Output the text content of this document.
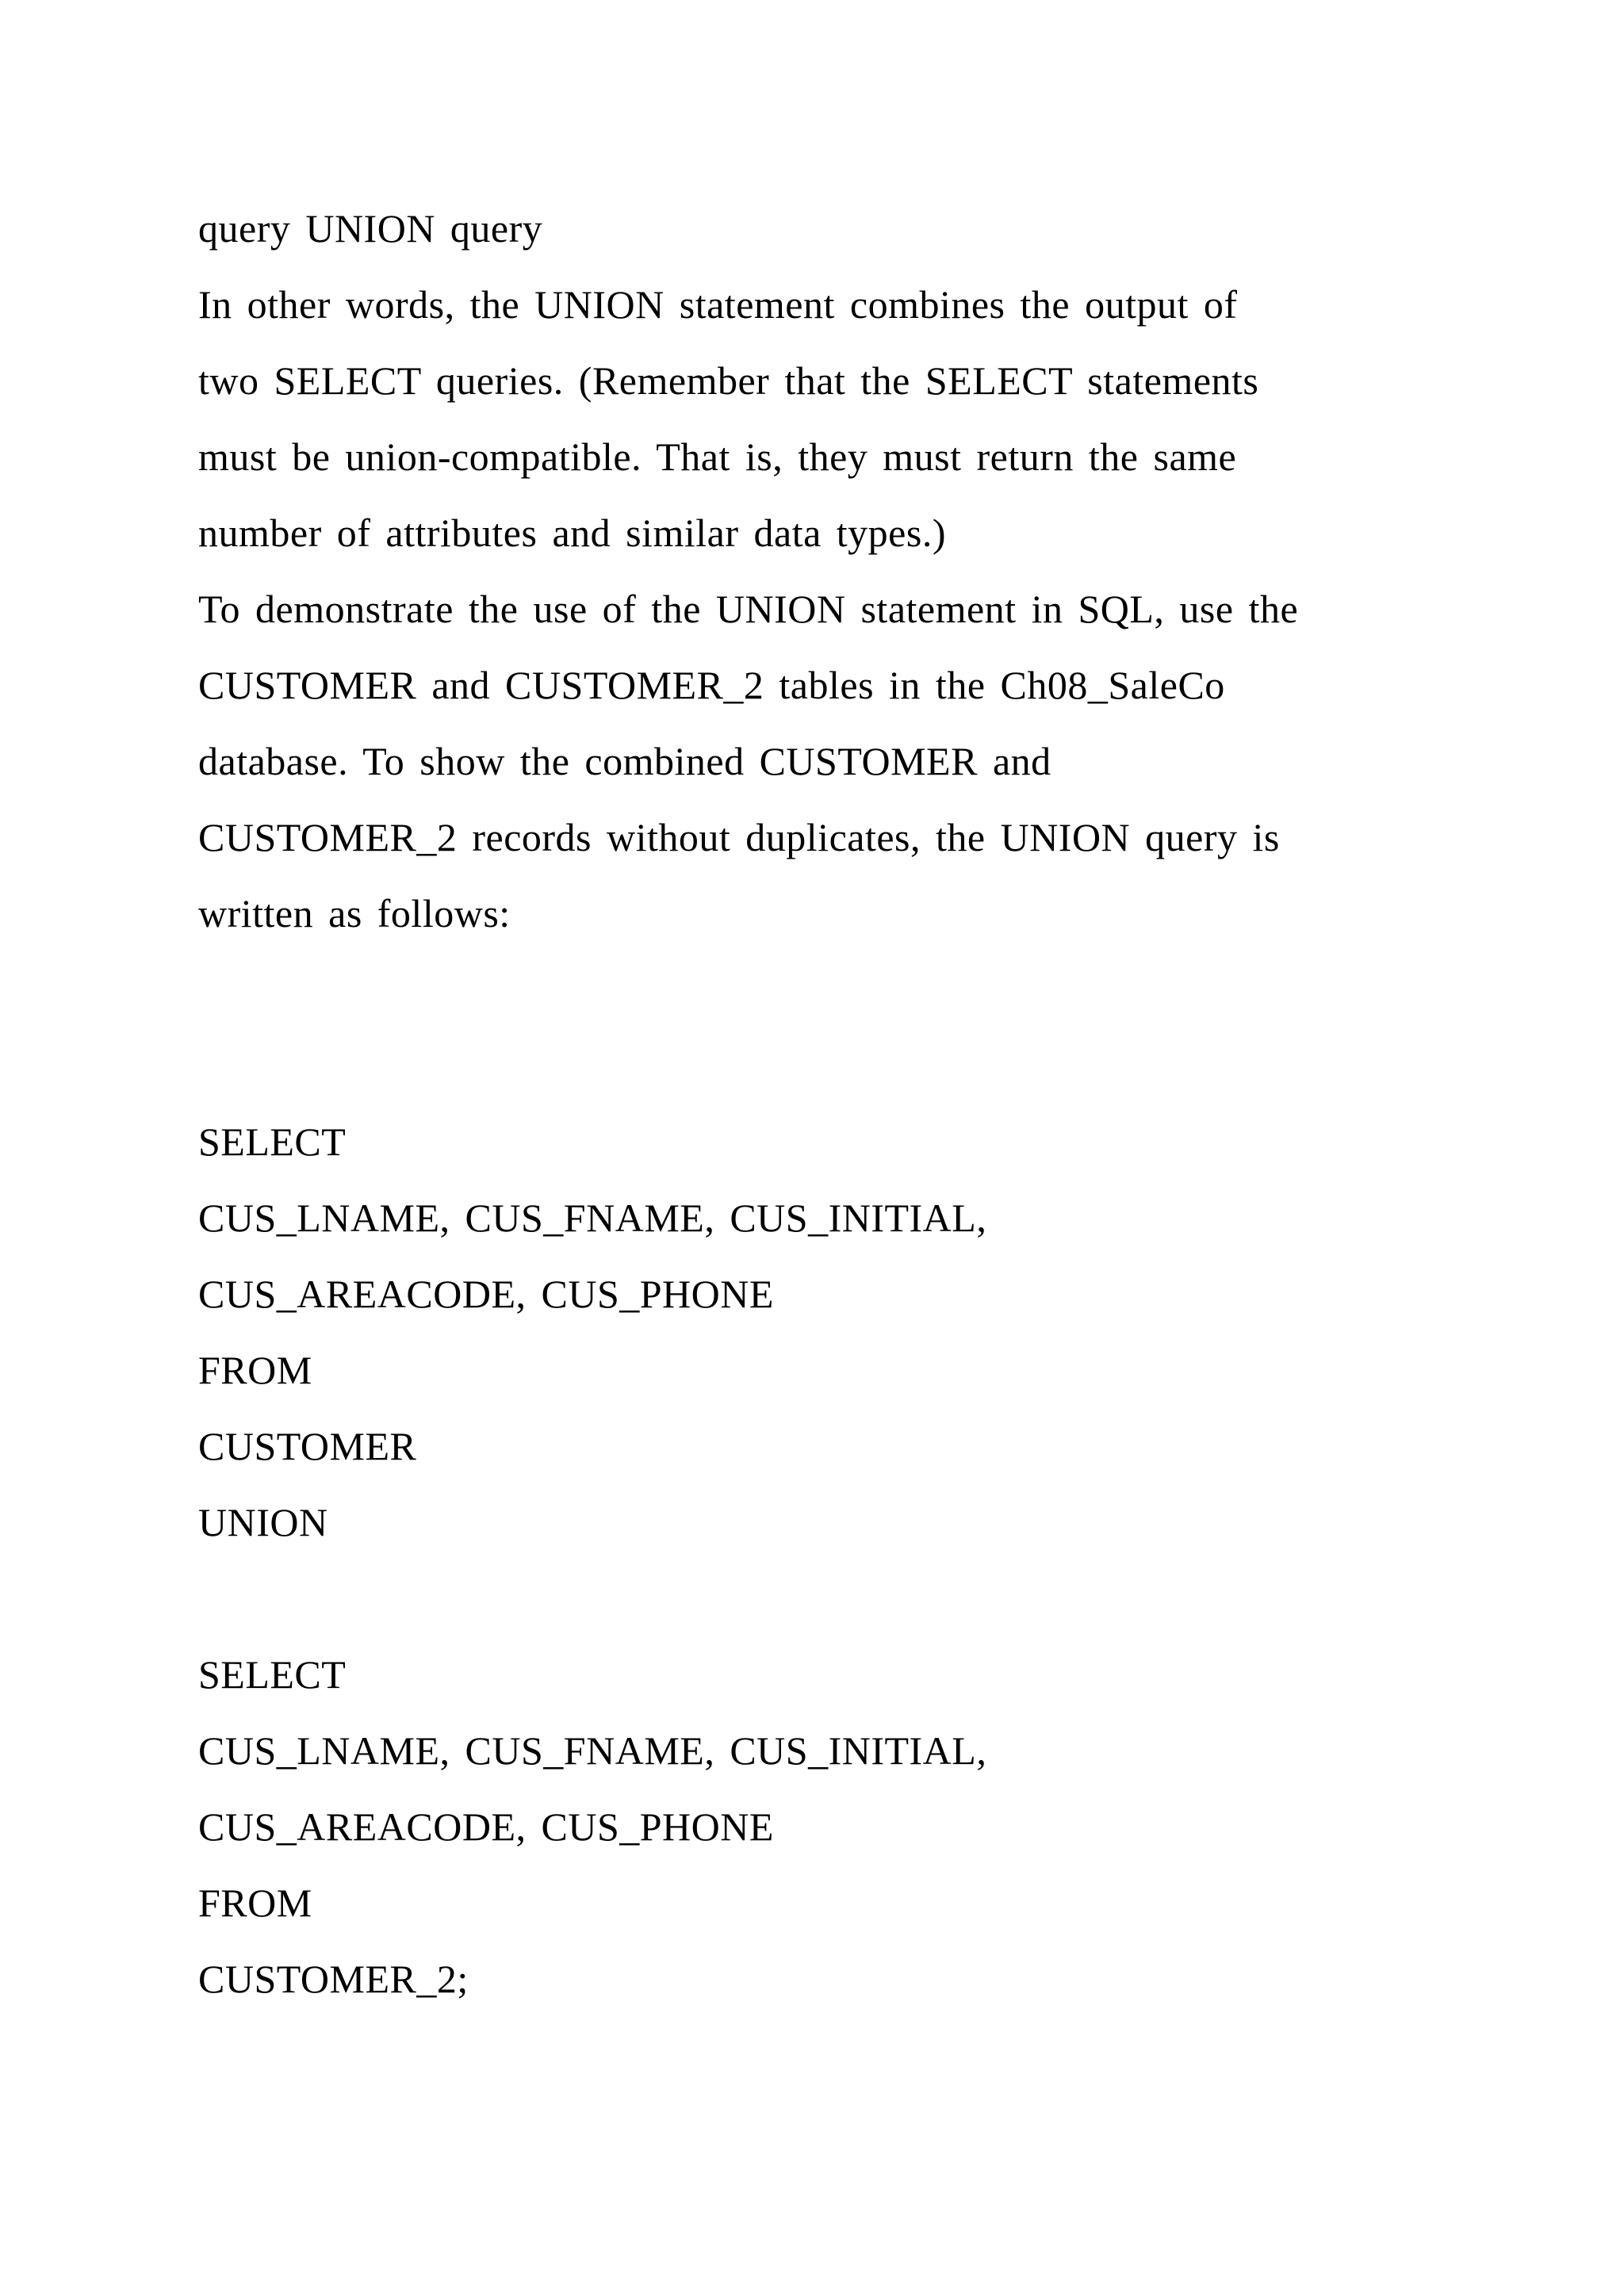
query UNION query
In other words, the UNION statement combines the output of
two SELECT queries. (Remember that the SELECT statements
must be union-compatible. That is, they must return the same
number of attributes and similar data types.)
To demonstrate the use of the UNION statement in SQL, use the
CUSTOMER and CUSTOMER_2 tables in the Ch08_SaleCo
database. To show the combined CUSTOMER and
CUSTOMER_2 records without duplicates, the UNION query is
written as follows:
SELECT
CUS_LNAME, CUS_FNAME, CUS_INITIAL,
CUS_AREACODE, CUS_PHONE
FROM
CUSTOMER
UNION
SELECT
CUS_LNAME, CUS_FNAME, CUS_INITIAL,
CUS_AREACODE, CUS_PHONE
FROM
CUSTOMER_2;
